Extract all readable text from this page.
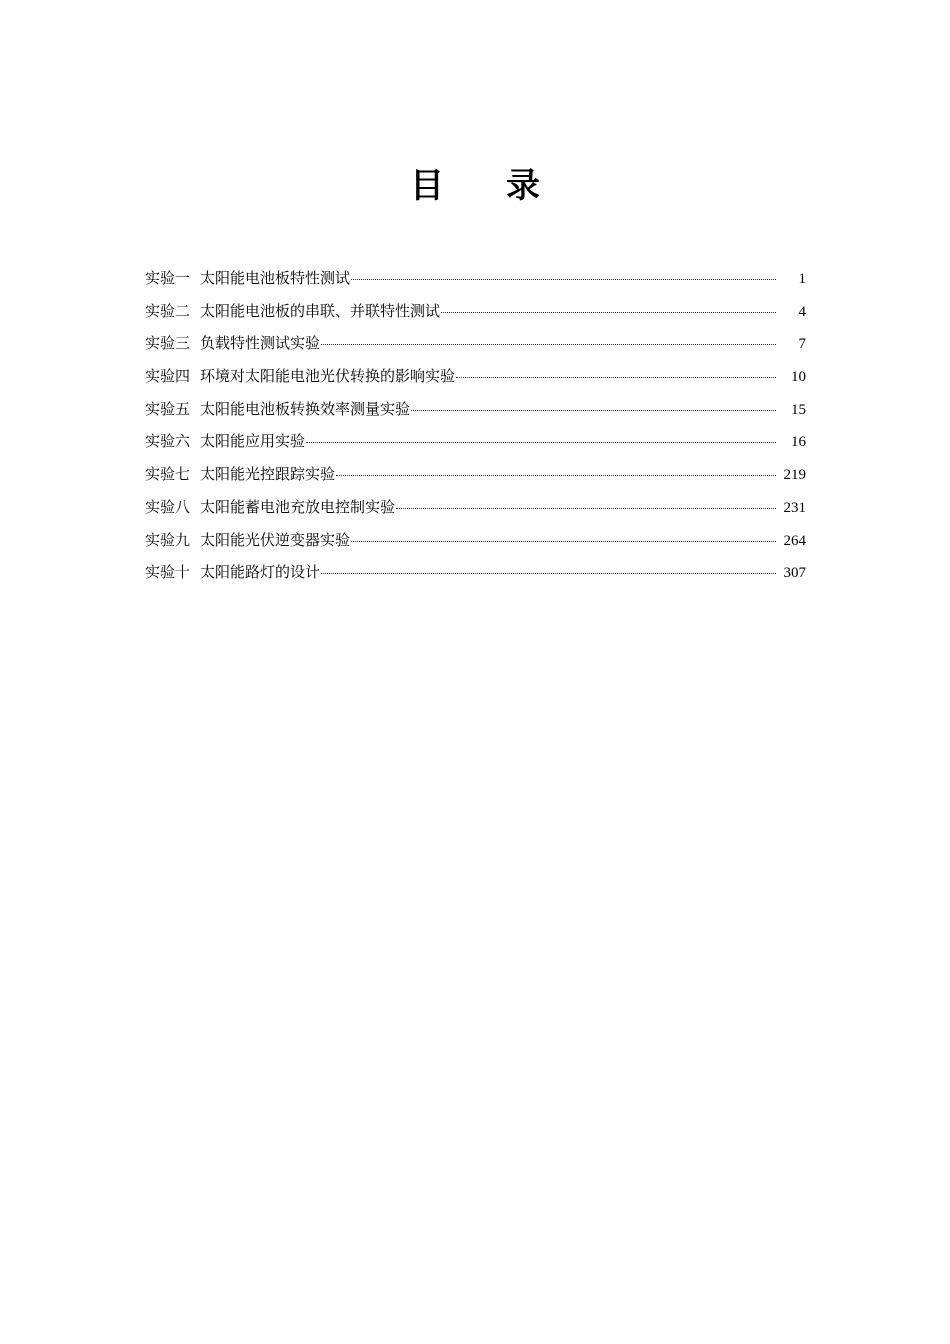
目 录
实验一 太阳能电池板特性测试	1
实验二 太阳能电池板的串联、并联特性测试	4
实验三 负载特性测试实验	7
实验四 环境对太阳能电池光伏转换的影响实验	10
实验五 太阳能电池板转换效率测量实验	15
实验六 太阳能应用实验	16
实验七 太阳能光控跟踪实验	219
实验八 太阳能蓄电池充放电控制实验	231
实验九 太阳能光伏逆变器实验	264
实验十 太阳能路灯的设计	307
